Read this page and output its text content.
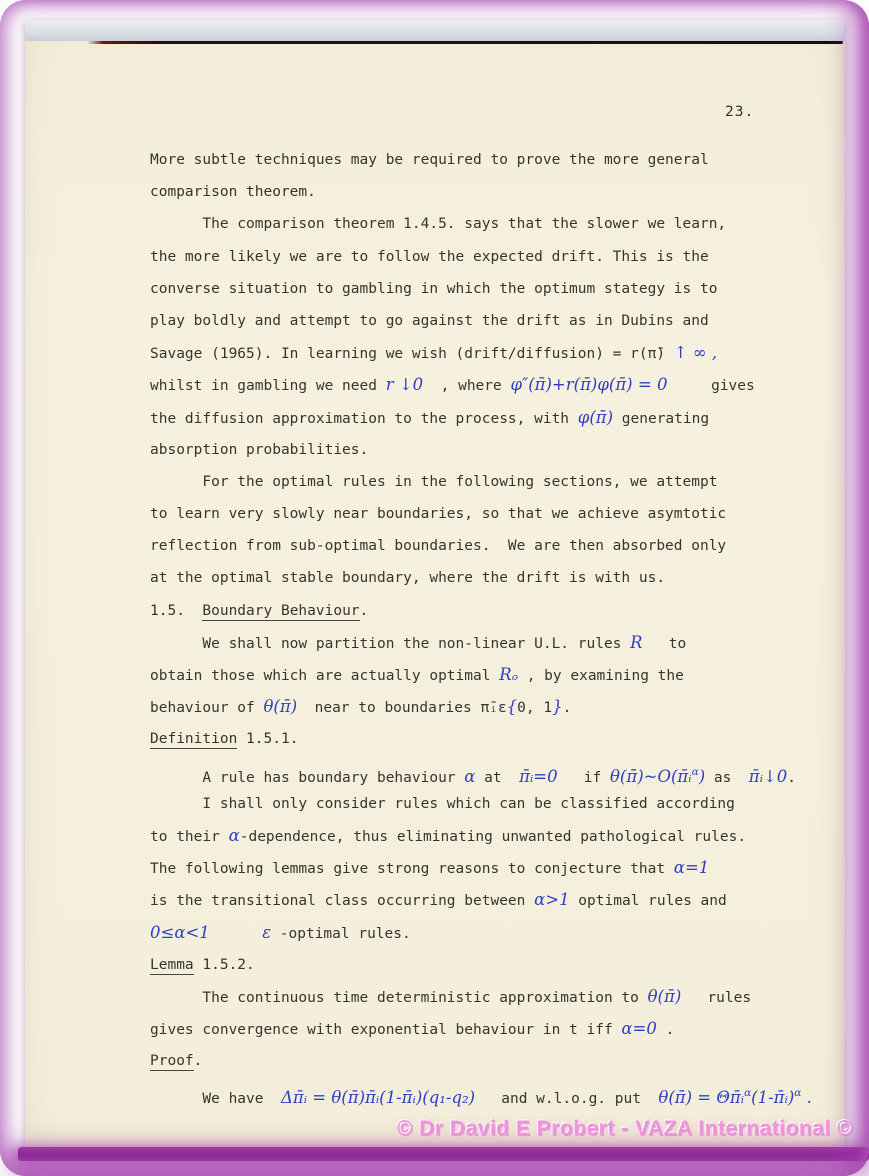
23.
More subtle techniques may be required to prove the more general
comparison theorem.
The comparison theorem 1.4.5. says that the slower we learn,
the more likely we are to follow the expected drift. This is the
converse situation to gambling in which the optimum stategy is to
play boldly and attempt to go against the drift as in Dubins and
Savage (1965). In learning we wish (drift/diffusion) = r(π̄) ↑ ∞ ,
whilst in gambling we need r ↓0  , where φ″(π̄)+r(π̄)φ(π̄) = 0     gives
the diffusion approximation to the process, with φ(π̄) generating
absorption probabilities.
For the optimal rules in the following sections, we attempt
to learn very slowly near boundaries, so that we achieve asymtotic
reflection from sub-optimal boundaries.  We are then absorbed only
at the optimal stable boundary, where the drift is with us.
1.5.  Boundary Behaviour.
We shall now partition the non-linear U.L. rules R   to
obtain those which are actually optimal Rₒ , by examining the
behaviour of θ(π̄)  near to boundaries π̄ᵢε{0, 1}.
Definition 1.5.1.
A rule has boundary behaviour α at  π̄ᵢ=0   if θ(π̄)~O(π̄ᵢ$^\alpha$) as  π̄ᵢ↓0.
I shall only consider rules which can be classified according
to their α-dependence, thus eliminating unwanted pathological rules.
The following lemmas give strong reasons to conjecture that α=1
is the transitional class occurring between α>1 optimal rules and
0≤α<1	ε -optimal rules.
Lemma 1.5.2.
The continuous time deterministic approximation to θ(π̄)   rules
gives convergence with exponential behaviour in t iff α=0 .
Proof.
We have  Δπ̄ᵢ = θ(π̄)π̄ᵢ(1-π̄ᵢ)(q₁-q₂)   and w.l.o.g. put  θ(π̄) = Θπ̄ᵢ$^\alpha$(1-π̄ᵢ)$^\alpha$ .
© Dr David E Probert - VAZA International ©
